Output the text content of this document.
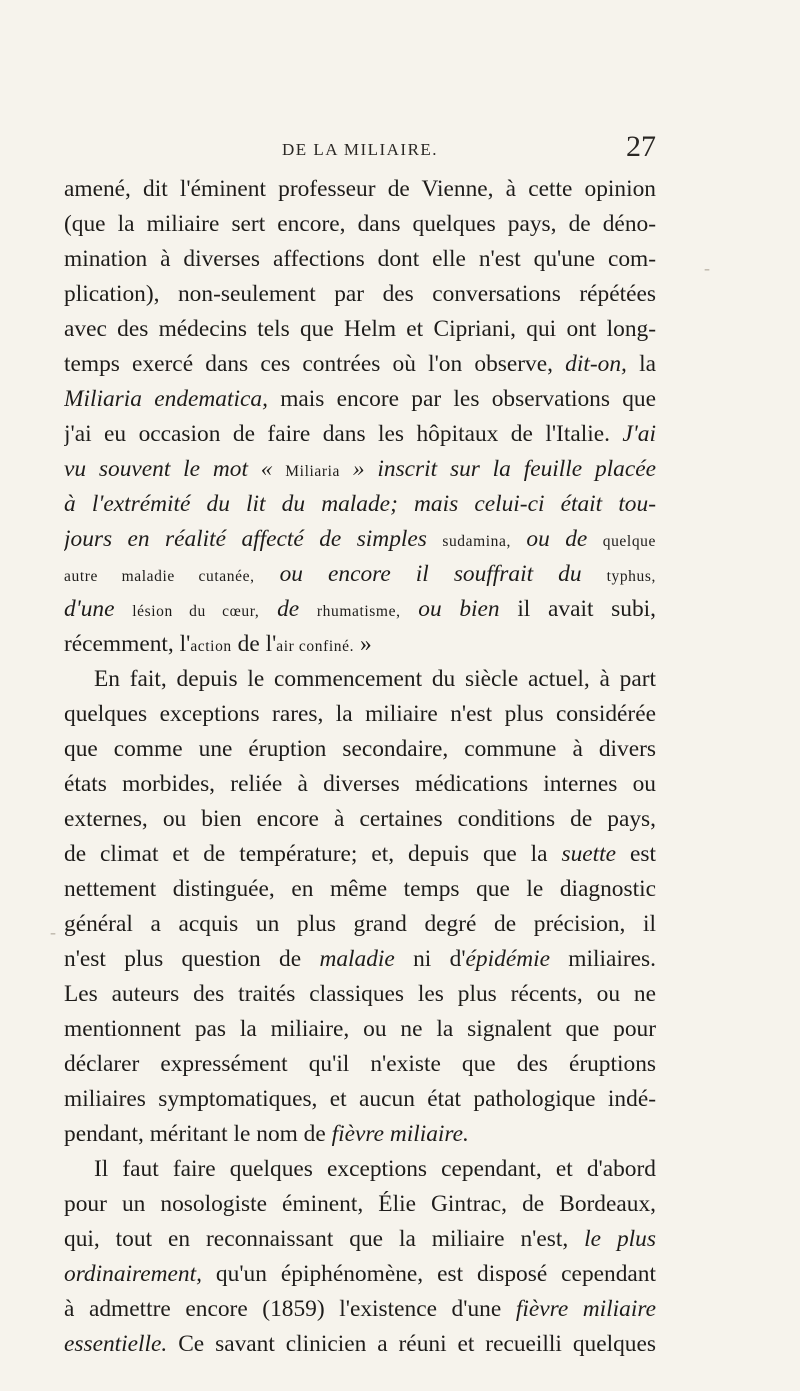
DE LA MILIAIRE.	27
-
-
amené, dit l'éminent professeur de Vienne, à cette opinion
(que la miliaire sert encore, dans quelques pays, de déno-
mination à diverses affections dont elle n'est qu'une com-
plication), non-seulement par des conversations répétées
avec des médecins tels que Helm et Cipriani, qui ont long-
temps exercé dans ces contrées où l'on observe, dit-on, la
Miliaria endematica, mais encore par les observations que
j'ai eu occasion de faire dans les hôpitaux de l'Italie. J'ai
vu souvent le mot « Miliaria » inscrit sur la feuille placée
à l'extrémité du lit du malade; mais celui-ci était tou-
jours en réalité affecté de simples sudamina, ou de quelque
autre maladie cutanée, ou encore il souffrait du typhus,
d'une lésion du cœur, de rhumatisme, ou bien il avait subi,
récemment, l'action de l'air confiné. »
En fait, depuis le commencement du siècle actuel, à part
quelques exceptions rares, la miliaire n'est plus considérée
que comme une éruption secondaire, commune à divers
états morbides, reliée à diverses médications internes ou
externes, ou bien encore à certaines conditions de pays,
de climat et de température; et, depuis que la suette est
nettement distinguée, en même temps que le diagnostic
général a acquis un plus grand degré de précision, il
n'est plus question de maladie ni d'épidémie miliaires.
Les auteurs des traités classiques les plus récents, ou ne
mentionnent pas la miliaire, ou ne la signalent que pour
déclarer expressément qu'il n'existe que des éruptions
miliaires symptomatiques, et aucun état pathologique indé-
pendant, méritant le nom de fièvre miliaire.
Il faut faire quelques exceptions cependant, et d'abord
pour un nosologiste éminent, Élie Gintrac, de Bordeaux,
qui, tout en reconnaissant que la miliaire n'est, le plus
ordinairement, qu'un épiphénomène, est disposé cependant
à admettre encore (1859) l'existence d'une fièvre miliaire
essentielle. Ce savant clinicien a réuni et recueilli quelques
